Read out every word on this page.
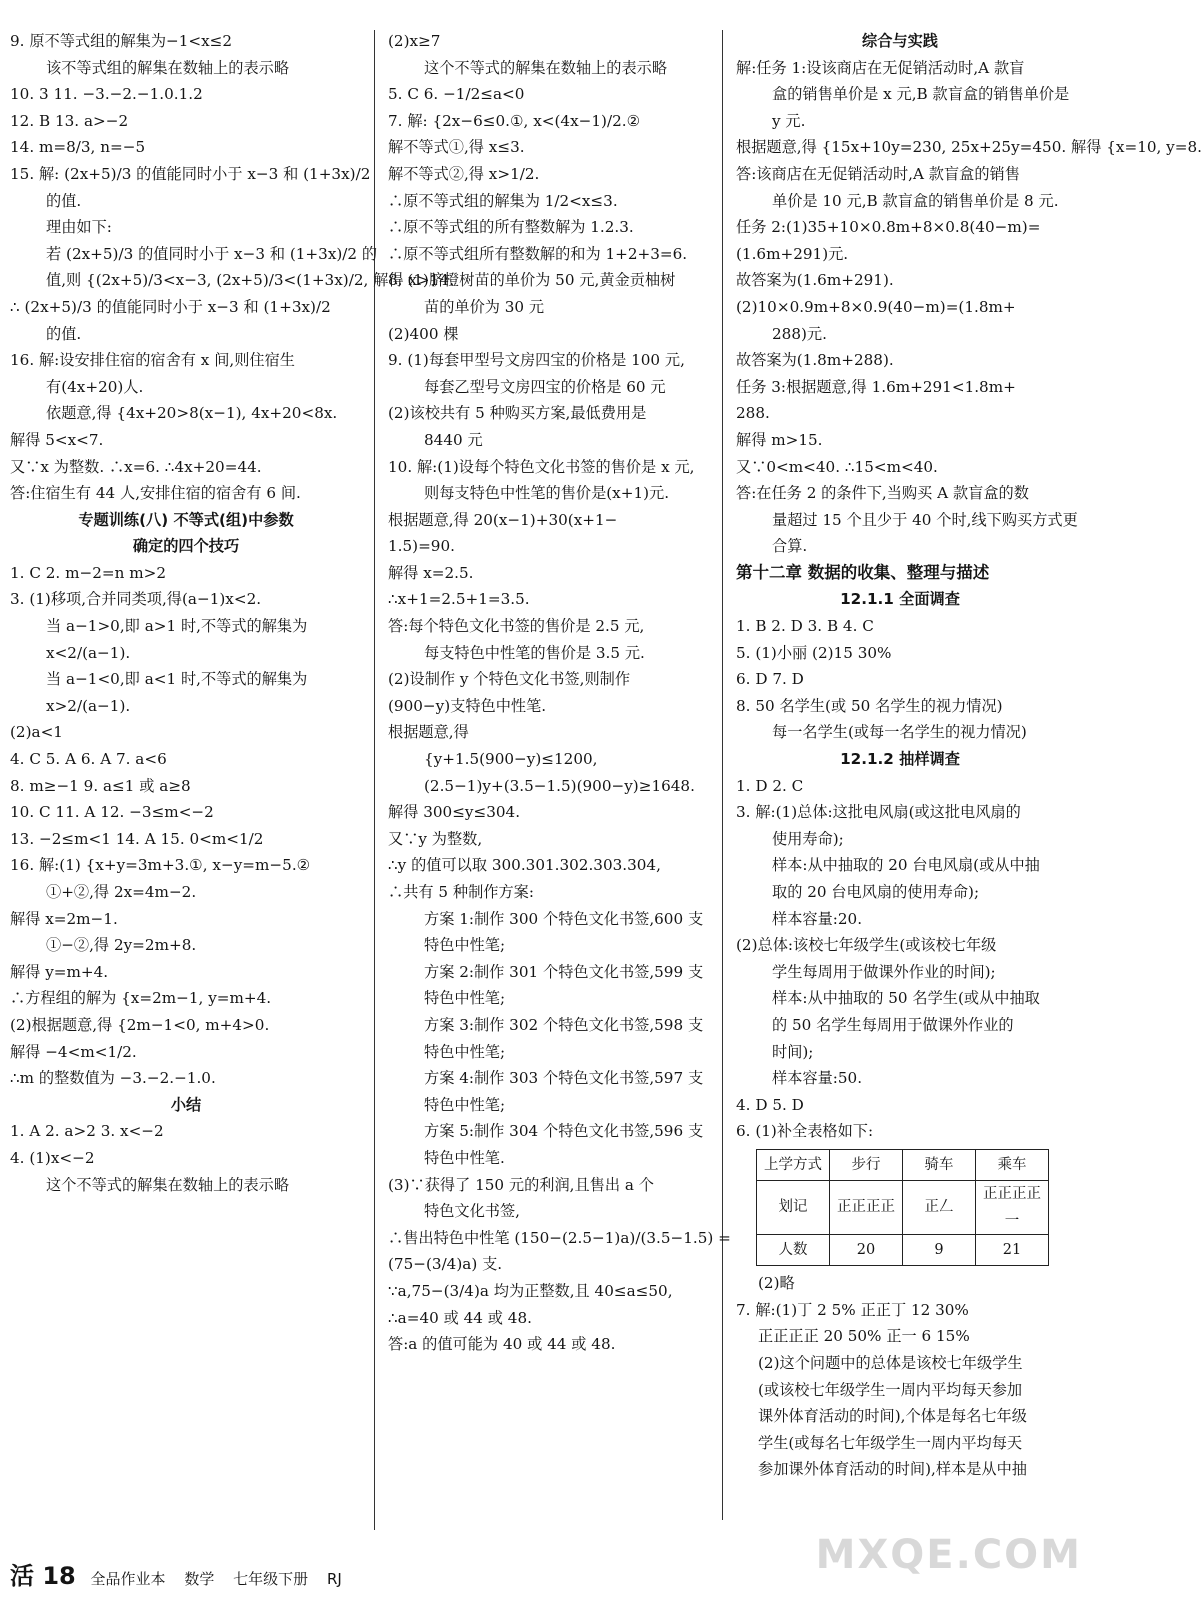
9. 原不等式组的解集为−1<x≤2
该不等式组的解集在数轴上的表示略
10. 3 11. −3.−2.−1.0.1.2
12. B 13. a>−2
14. m=8/3, n=−5
15. 解: (2x+5)/3 的值能同时小于 x−3 和 (1+3x)/2
的值.
理由如下:
若 (2x+5)/3 的值同时小于 x−3 和 (1+3x)/2 的
值,则 {(2x+5)/3<x−3, (2x+5)/3<(1+3x)/2, 解得 x>14.
∴ (2x+5)/3 的值能同时小于 x−3 和 (1+3x)/2
的值.
16. 解:设安排住宿的宿舍有 x 间,则住宿生
有(4x+20)人.
依题意,得 {4x+20>8(x−1), 4x+20<8x.
解得 5<x<7.
又∵x 为整数. ∴x=6. ∴4x+20=44.
答:住宿生有 44 人,安排住宿的宿舍有 6 间.
专题训练(八) 不等式(组)中参数
确定的四个技巧
1. C 2. m−2=n m>2
3. (1)移项,合并同类项,得(a−1)x<2.
当 a−1>0,即 a>1 时,不等式的解集为
x<2/(a−1).
当 a−1<0,即 a<1 时,不等式的解集为
x>2/(a−1).
(2)a<1
4. C 5. A 6. A 7. a<6
8. m≥−1 9. a≤1 或 a≥8
10. C 11. A 12. −3≤m<−2
13. −2≤m<1 14. A 15. 0<m<1/2
16. 解:(1) {x+y=3m+3.①, x−y=m−5.②
①+②,得 2x=4m−2.
解得 x=2m−1.
①−②,得 2y=2m+8.
解得 y=m+4.
∴方程组的解为 {x=2m−1, y=m+4.
(2)根据题意,得 {2m−1<0, m+4>0.
解得 −4<m<1/2.
∴m 的整数值为 −3.−2.−1.0.
小结
1. A 2. a>2 3. x<−2
4. (1)x<−2
这个不等式的解集在数轴上的表示略
(2)x≥7
这个不等式的解集在数轴上的表示略
5. C 6. −1/2≤a<0
7. 解: {2x−6≤0.①, x<(4x−1)/2.②
解不等式①,得 x≤3.
解不等式②,得 x>1/2.
∴原不等式组的解集为 1/2<x≤3.
∴原不等式组的所有整数解为 1.2.3.
∴原不等式组所有整数解的和为 1+2+3=6.
8. (1)脐橙树苗的单价为 50 元,黄金贡柚树
苗的单价为 30 元
(2)400 棵
9. (1)每套甲型号文房四宝的价格是 100 元,
每套乙型号文房四宝的价格是 60 元
(2)该校共有 5 种购买方案,最低费用是
8440 元
10. 解:(1)设每个特色文化书签的售价是 x 元,
则每支特色中性笔的售价是(x+1)元.
根据题意,得 20(x−1)+30(x+1−
1.5)=90.
解得 x=2.5.
∴x+1=2.5+1=3.5.
答:每个特色文化书签的售价是 2.5 元,
每支特色中性笔的售价是 3.5 元.
(2)设制作 y 个特色文化书签,则制作
(900−y)支特色中性笔.
根据题意,得
{y+1.5(900−y)≤1200,
(2.5−1)y+(3.5−1.5)(900−y)≥1648.
解得 300≤y≤304.
又∵y 为整数,
∴y 的值可以取 300.301.302.303.304,
∴共有 5 种制作方案:
方案 1:制作 300 个特色文化书签,600 支
特色中性笔;
方案 2:制作 301 个特色文化书签,599 支
特色中性笔;
方案 3:制作 302 个特色文化书签,598 支
特色中性笔;
方案 4:制作 303 个特色文化书签,597 支
特色中性笔;
方案 5:制作 304 个特色文化书签,596 支
特色中性笔.
(3)∵获得了 150 元的利润,且售出 a 个
特色文化书签,
∴售出特色中性笔 (150−(2.5−1)a)/(3.5−1.5) =
(75−(3/4)a) 支.
∵a,75−(3/4)a 均为正整数,且 40≤a≤50,
∴a=40 或 44 或 48.
答:a 的值可能为 40 或 44 或 48.
综合与实践
解:任务 1:设该商店在无促销活动时,A 款盲
盒的销售单价是 x 元,B 款盲盒的销售单价是
y 元.
根据题意,得 {15x+10y=230, 25x+25y=450. 解得 {x=10, y=8.
答:该商店在无促销活动时,A 款盲盒的销售
单价是 10 元,B 款盲盒的销售单价是 8 元.
任务 2:(1)35+10×0.8m+8×0.8(40−m)=
(1.6m+291)元.
故答案为(1.6m+291).
(2)10×0.9m+8×0.9(40−m)=(1.8m+
288)元.
故答案为(1.8m+288).
任务 3:根据题意,得 1.6m+291<1.8m+
288.
解得 m>15.
又∵0<m<40. ∴15<m<40.
答:在任务 2 的条件下,当购买 A 款盲盒的数
量超过 15 个且少于 40 个时,线下购买方式更
合算.
第十二章 数据的收集、整理与描述
12.1.1 全面调查
1. B 2. D 3. B 4. C
5. (1)小丽 (2)15 30%
6. D 7. D
8. 50 名学生(或 50 名学生的视力情况)
每一名学生(或每一名学生的视力情况)
12.1.2 抽样调查
1. D 2. C
3. 解:(1)总体:这批电风扇(或这批电风扇的
使用寿命);
样本:从中抽取的 20 台电风扇(或从中抽
取的 20 台电风扇的使用寿命);
样本容量:20.
(2)总体:该校七年级学生(或该校七年级
学生每周用于做课外作业的时间);
样本:从中抽取的 50 名学生(或从中抽取
的 50 名学生每周用于做课外作业的
时间);
样本容量:50.
4. D 5. D
6. (1)补全表格如下:
上学方式	步行	骑车	乘车
划记	正正正正	正𠃋	正正正正一
人数	20	9	21
(2)略
7. 解:(1)丁 2 5% 正正丁 12 30%
正正正正 20 50% 正一 6 15%
(2)这个问题中的总体是该校七年级学生
(或该校七年级学生一周内平均每天参加
课外体育活动的时间),个体是每名七年级
学生(或每名七年级学生一周内平均每天
参加课外体育活动的时间),样本是从中抽
活 18 全品作业本 数学 七年级下册 RJ
MXQE.COM
